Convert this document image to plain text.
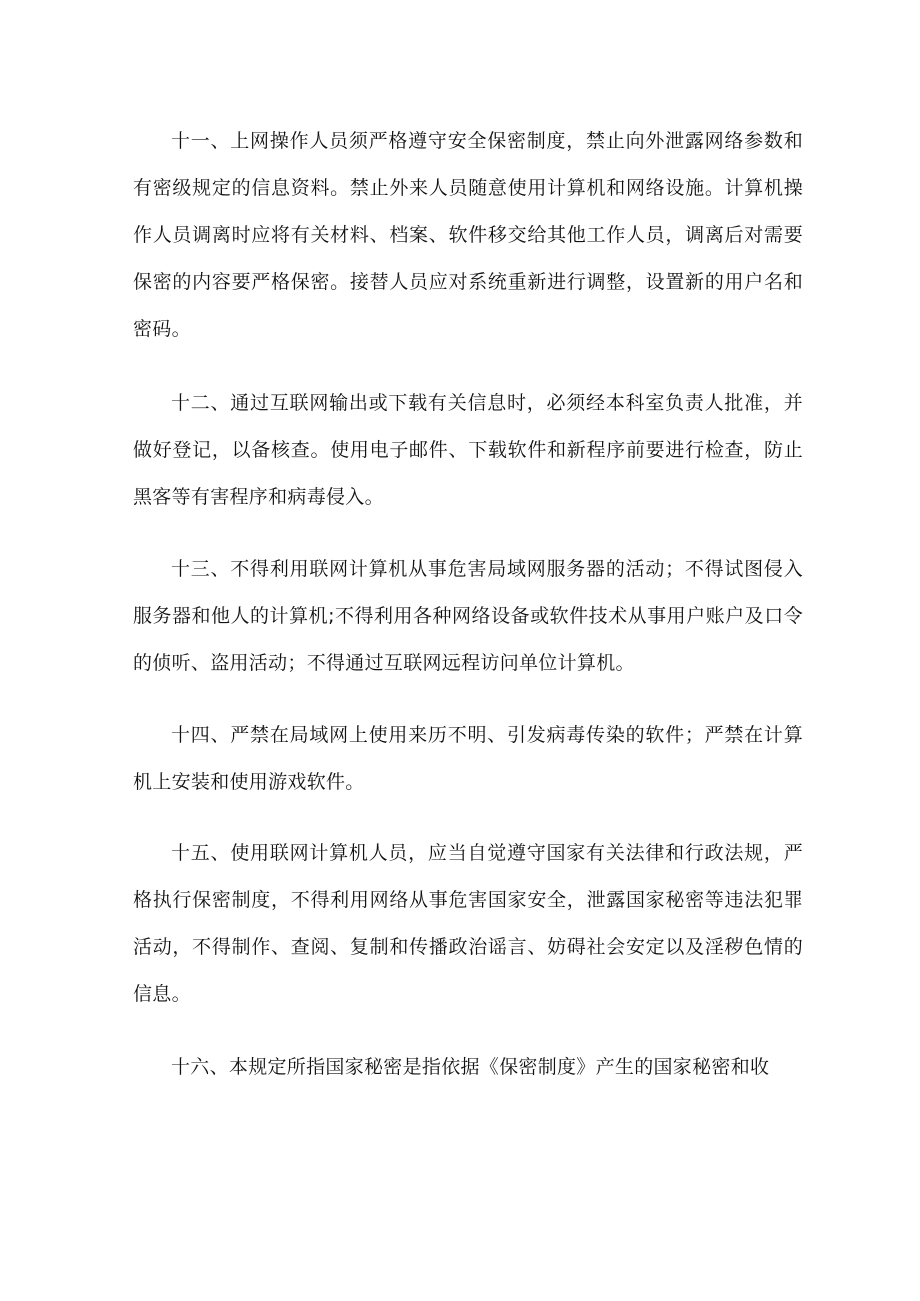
十一、上网操作人员须严格遵守安全保密制度，禁止向外泄露网络参数和有密级规定的信息资料。禁止外来人员随意使用计算机和网络设施。计算机操作人员调离时应将有关材料、档案、软件移交给其他工作人员，调离后对需要保密的内容要严格保密。接替人员应对系统重新进行调整，设置新的用户名和密码。

十二、通过互联网输出或下载有关信息时，必须经本科室负责人批准，并做好登记，以备核查。使用电子邮件、下载软件和新程序前要进行检查，防止黑客等有害程序和病毒侵入。

十三、不得利用联网计算机从事危害局域网服务器的活动；不得试图侵入服务器和他人的计算机;不得利用各种网络设备或软件技术从事用户账户及口令的侦听、盗用活动；不得通过互联网远程访问单位计算机。

十四、严禁在局域网上使用来历不明、引发病毒传染的软件；严禁在计算机上安装和使用游戏软件。

十五、使用联网计算机人员，应当自觉遵守国家有关法律和行政法规，严格执行保密制度，不得利用网络从事危害国家安全，泄露国家秘密等违法犯罪活动，不得制作、查阅、复制和传播政治谣言、妨碍社会安定以及淫秽色情的信息。

十六、本规定所指国家秘密是指依据《保密制度》产生的国家秘密和收
